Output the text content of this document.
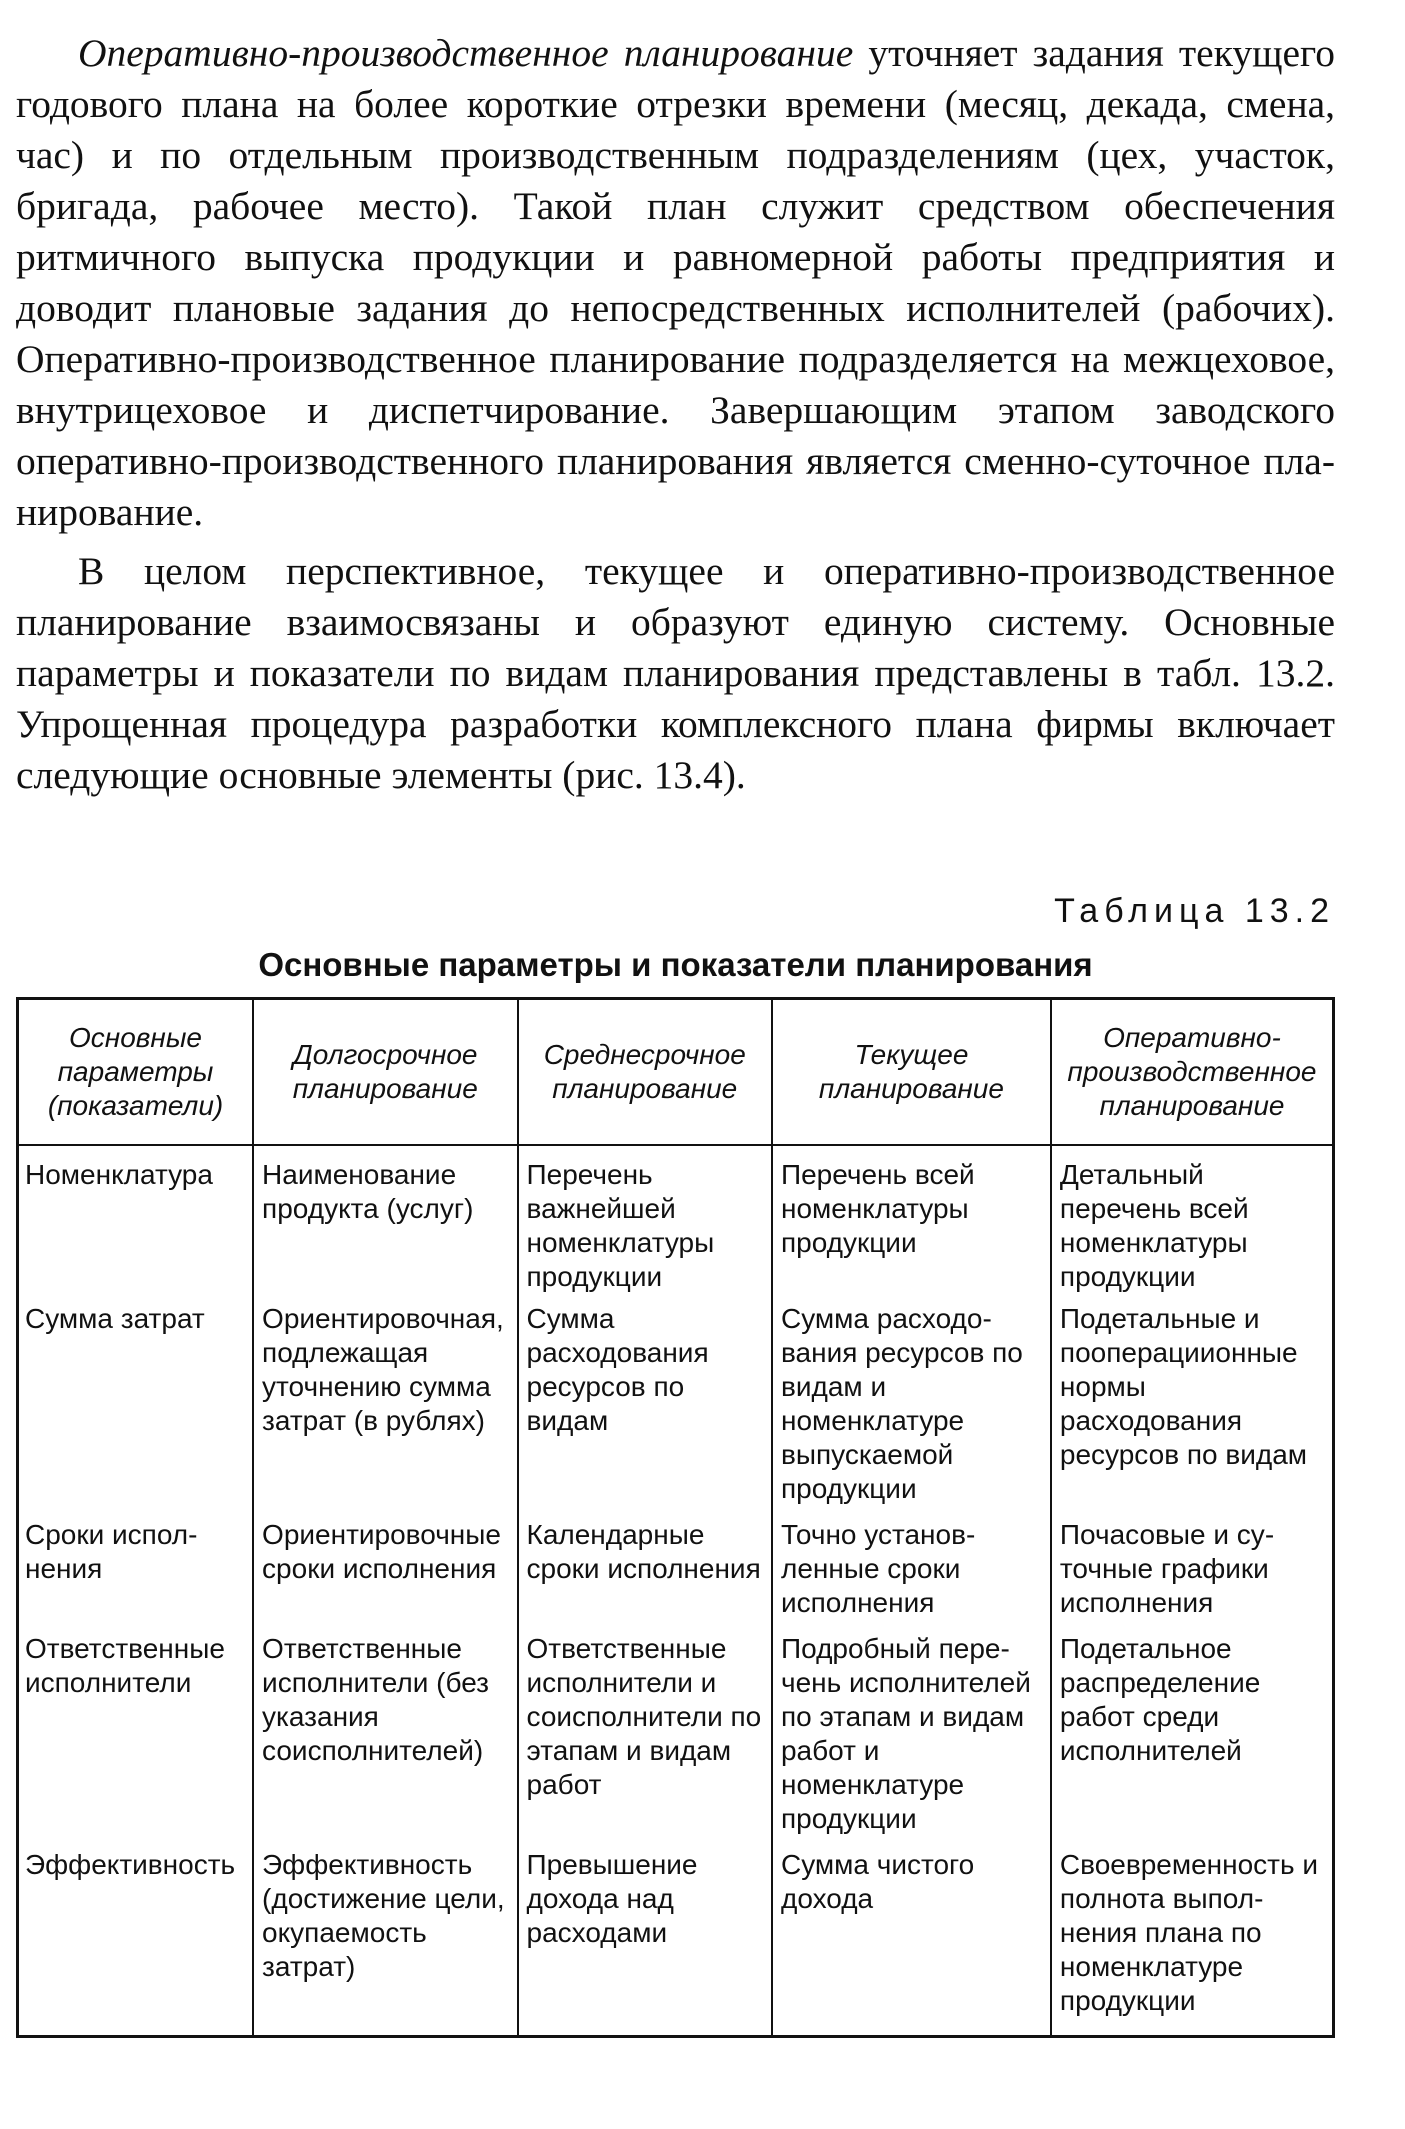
Оперативно-производственное планирование уточняет задания текущего годового плана на более короткие отрезки времени (месяц, декада, смена, час) и по отдельным производственным подразделениям (цех, участок, бригада, рабочее место). Такой план служит средством обеспечения ритмичного выпуска продукции и равномерной работы предприятия и доводит плановые задания до непосредственных исполнителей (рабочих). Оперативно-производственное планирование подразделяется на межцеховое, внутрицеховое и диспетчирование. Завершающим этапом заводского оперативно-производственного планирования является сменно-суточное планирование.

В целом перспективное, текущее и оперативно-производственное планирование взаимосвязаны и образуют единую систему. Основные параметры и показатели по видам планирования представлены в табл. 13.2. Упрощенная процедура разработки комплексного плана фирмы включает следующие основные элементы (рис. 13.4).

Таблица 13.2
Основные параметры и показатели планирования
Основные параметры (показатели)	Долгосрочное планирование	Среднесрочное планирование	Текущее планирование	Оперативно-производственное планирование
Номенклатура	Наименование продукта (услуг)	Перечень важнейшей номенклатуры продукции	Перечень всей номенклатуры продукции	Детальный перечень всей номенклатуры продукции
Сумма затрат	Ориентировочная, подлежащая уточнению сумма затрат (в рублях)	Сумма расходования ресурсов по видам	Сумма расходования ресурсов по видам и номенклатуре выпускаемой продукции	Подетальные и пооперациионные нормы расходования ресурсов по видам
Сроки исполнения	Ориентировочные сроки исполнения	Календарные сроки исполнения	Точно установленные сроки исполнения	Почасовые и суточные графики исполнения
Ответственные исполнители	Ответственные исполнители (без указания соисполнителей)	Ответственные исполнители и соисполнители по этапам и видам работ	Подробный перечень исполнителей по этапам и видам работ и номенклатуре продукции	Подетальное распределение работ среди исполнителей
Эффективность	Эффективность (достижение цели, окупаемость затрат)	Превышение дохода над расходами	Сумма чистого дохода	Своевременность и полнота выполнения плана по номенклатуре продукции
